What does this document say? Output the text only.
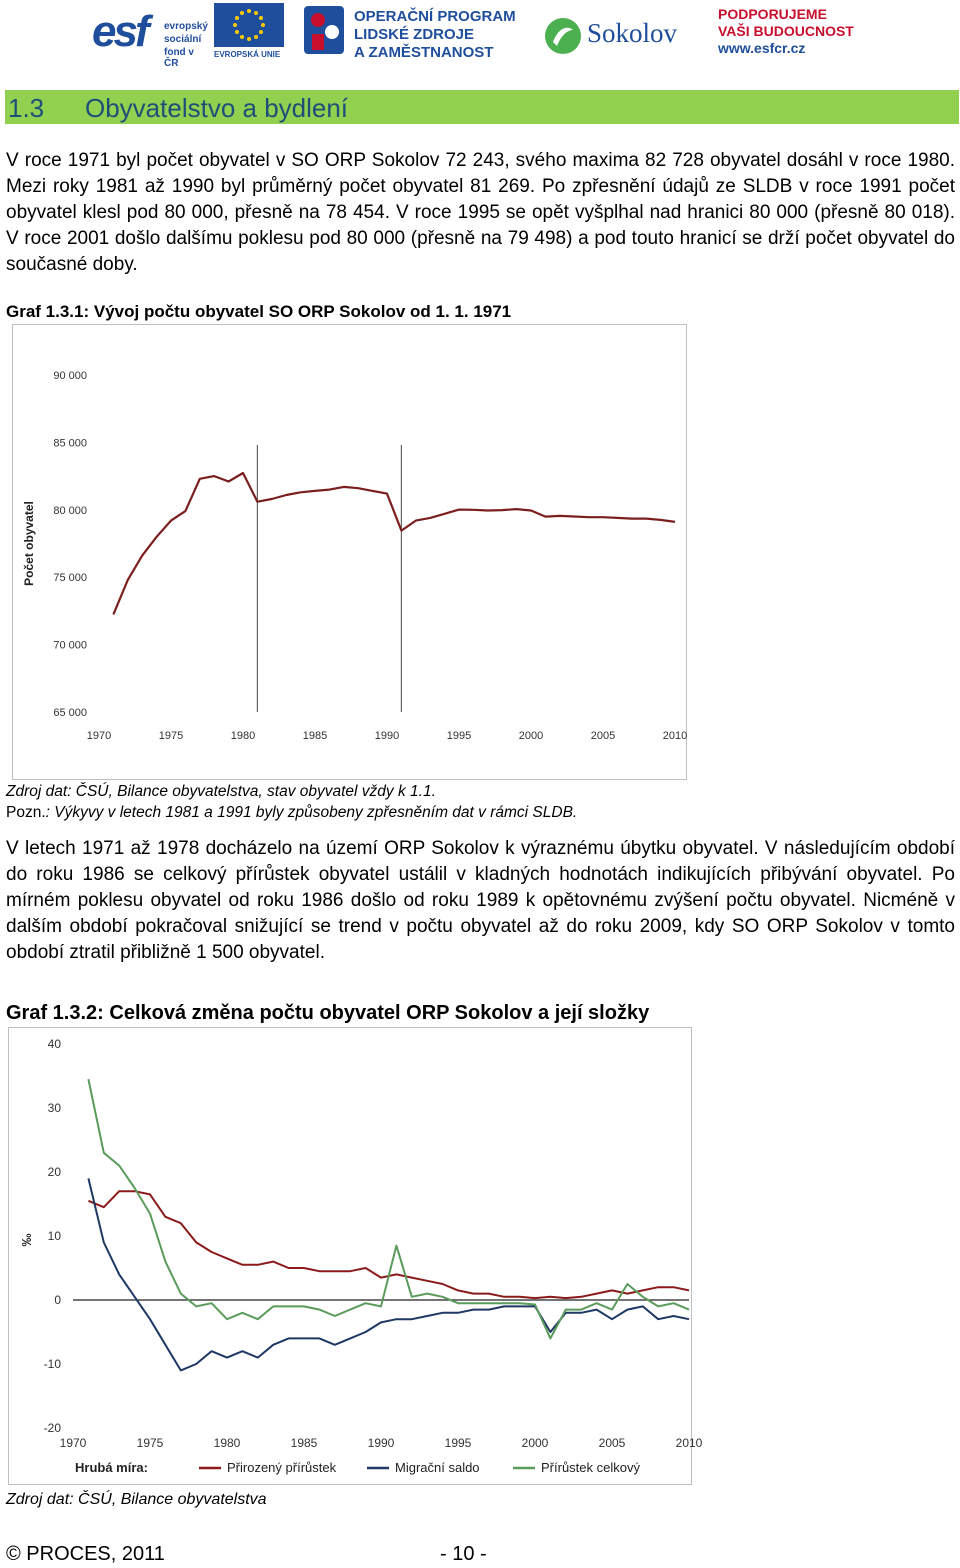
esf evropský
sociální
fond v ČR
EVROPSKÁ UNIE
OPERAČNÍ PROGRAM
LIDSKÉ ZDROJE
A ZAMĚSTNANOST
Sokolov
PODPORUJEME
VAŠI BUDOUCNOST
www.esfcr.cz
1.3 Obyvatelstvo a bydlení

V roce 1971 byl počet obyvatel v SO ORP Sokolov 72 243, svého maxima 82 728 obyvatel dosáhl v roce 1980. Mezi roky 1981 až 1990 byl průměrný počet obyvatel 81 269. Po zpřesnění údajů ze SLDB v roce 1991 počet obyvatel klesl pod 80 000, přesně na 78 454. V roce 1995 se opět vyšplhal nad hranici 80 000 (přesně 80 018). V roce 2001 došlo dalšímu poklesu pod 80 000 (přesně na 79 498) a pod touto hranicí se drží počet obyvatel do současné doby.

Graf 1.3.1: Vývoj počtu obyvatel SO ORP Sokolov od 1. 1. 1971
65 000
70 000
75 000
80 000
85 000
90 000
1970	1975	1980	1985	1990	1995	2000	2005	2010
Počet obyvatel
Zdroj dat: ČSÚ, Bilance obyvatelstva, stav obyvatel vždy k 1.1.
Pozn.: Výkyvy v letech 1981 a 1991 byly způsobeny zpřesněním dat v rámci SLDB.

V letech 1971 až 1978 docházelo na území ORP Sokolov k výraznému úbytku obyvatel. V následujícím období do roku 1986 se celkový přírůstek obyvatel ustálil v kladných hodnotách indikujících přibývání obyvatel. Po mírném poklesu obyvatel od roku 1986 došlo od roku 1989 k opětovnému zvýšení počtu obyvatel. Nicméně v dalším období pokračoval snižující se trend v počtu obyvatel až do roku 2009, kdy SO ORP Sokolov v tomto období ztratil přibližně 1 500 obyvatel.

Graf 1.3.2: Celková změna počtu obyvatel ORP Sokolov a její složky
-20
-10
0
10
20
30
40
1970	1975	1980	1985	1990	1995	2000	2005	2010
‰
Hrubá míra:	Přirozený přírůstek	Migrační saldo	Přírůstek celkový
Zdroj dat: ČSÚ, Bilance obyvatelstva
© PROCES, 2011	- 10 -
